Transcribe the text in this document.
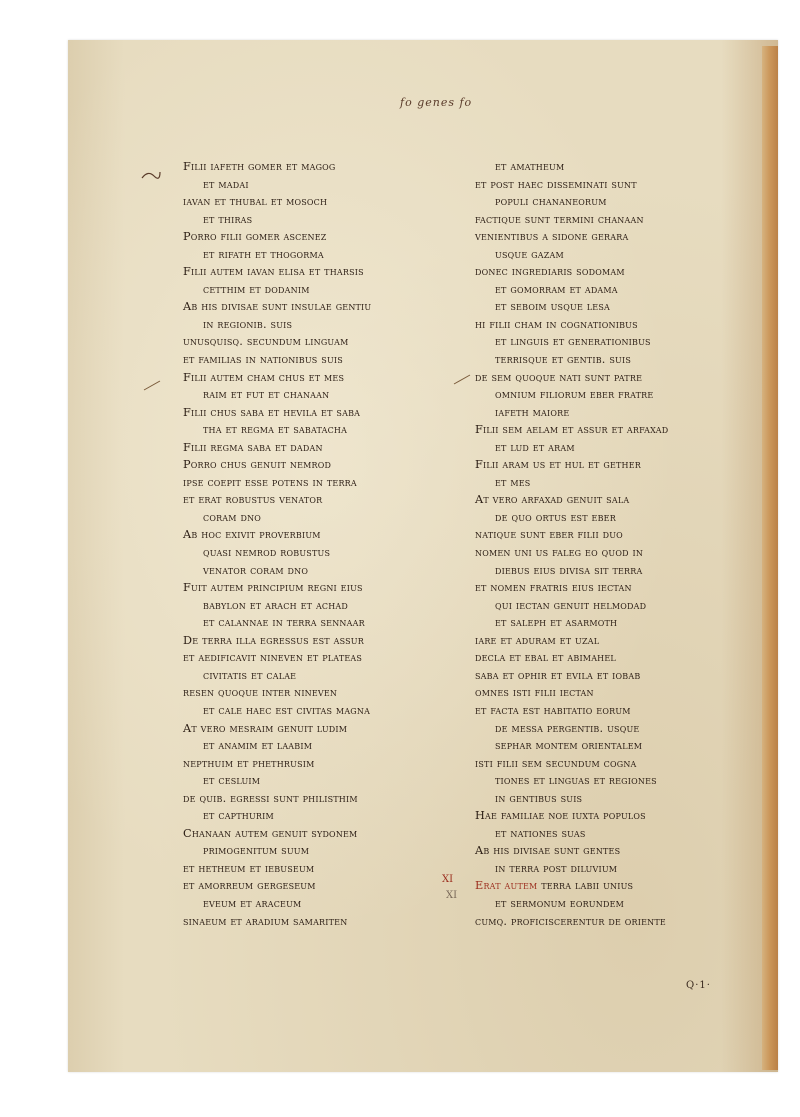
fo genes fo
Filii iafeth gomer et magog
et madai
iavan et thubal et mosoch
et thiras
Porro filii gomer ascenez
et rifath et thogorma
Filii autem iavan elisa et tharsis
cetthim et dodanim
Ab his divisae sunt insulae gentiu
in regionib. suis
unusquisq. secundum linguam
et familias in nationibus suis
Filii autem cham chus et mes
raim et fut et chanaan
Filii chus saba et hevila et saba
tha et regma et sabatacha
Filii regma saba et dadan
Porro chus genuit nemrod
ipse coepit esse potens in terra
et erat robustus venator
coram dno
Ab hoc exivit proverbium
quasi nemrod robustus
venator coram dno
Fuit autem principium regni eius
babylon et arach et achad
et calannae in terra sennaar
De terra illa egressus est assur
et aedificavit nineven et plateas
civitatis et calae
resen quoque inter nineven
et cale haec est civitas magna
At vero mesraim genuit ludim
et anamim et laabim
nepthuim et phethrusim
et cesluim
de quib. egressi sunt philisthim
et capthurim
Chanaan autem genuit sydonem
primogenitum suum
et hetheum et iebuseum
et amorreum gergeseum
eveum et araceum
sinaeum et aradium samariten
et amatheum
et post haec disseminati sunt
populi chananeorum
factique sunt termini chanaan
venientibus a sidone gerara
usque gazam
donec ingrediaris sodomam
et gomorram et adama
et seboim usque lesa
hi filii cham in cognationibus
et linguis et generationibus
terrisque et gentib. suis
de sem quoque nati sunt patre
omnium filiorum eber fratre
iafeth maiore
Filii sem aelam et assur et arfaxad
et lud et aram
Filii aram us et hul et gether
et mes
At vero arfaxad genuit sala
de quo ortus est eber
natique sunt eber filii duo
nomen uni us faleg eo quod in
diebus eius divisa sit terra
et nomen fratris eius iectan
qui iectan genuit helmodad
et saleph et asarmoth
iare et aduram et uzal
decla et ebal et abimahel
saba et ophir et evila et iobab
omnes isti filii iectan
et facta est habitatio eorum
de messa pergentib. usque
sephar montem orientalem
isti filii sem secundum cogna
tiones et linguas et regiones
in gentibus suis
Hae familiae noe iuxta populos
et nationes suas
Ab his divisae sunt gentes
in terra post diluvium
Erat autem terra labii unius
et sermonum eorundem
cumq. proficiscerentur de oriente
XI
XI
Q·1·
